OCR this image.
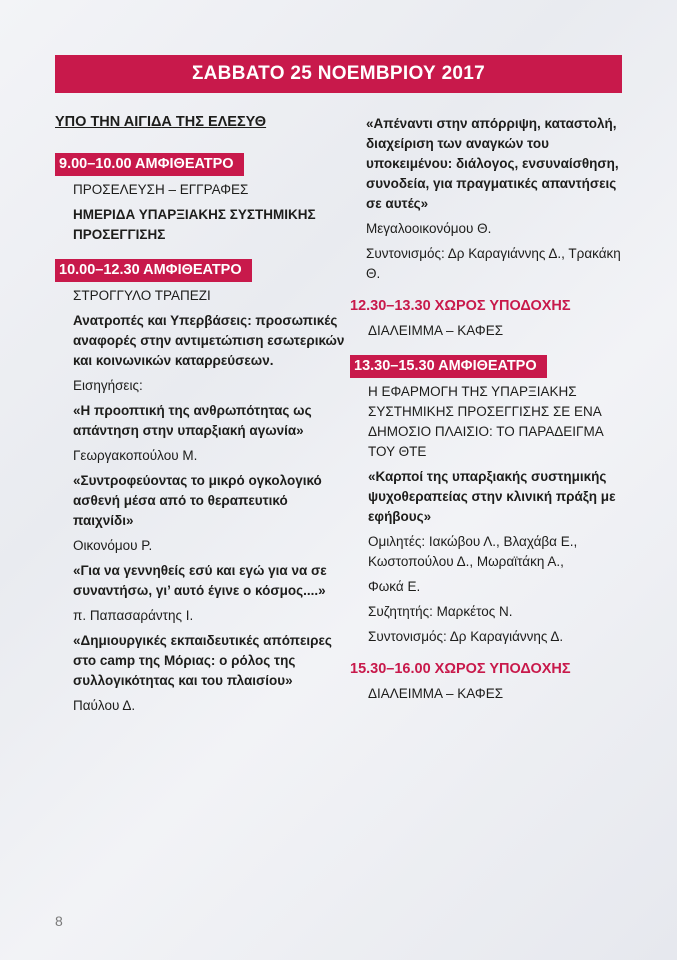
ΣΑΒΒΑΤΟ 25 ΝΟΕΜΒΡΙΟΥ 2017
ΥΠΟ ΤΗΝ ΑΙΓΙΔΑ ΤΗΣ ΕΛΕΣΥΘ
9.00–10.00 ΑΜΦΙΘΕΑΤΡΟ

ΠΡΟΣΕΛΕΥΣΗ – ΕΓΓΡΑΦΕΣ

ΗΜΕΡΙΔΑ ΥΠΑΡΞΙΑΚΗΣ ΣΥΣΤΗΜΙΚΗΣ ΠΡΟΣΕΓΓΙΣΗΣ

10.00–12.30 ΑΜΦΙΘΕΑΤΡΟ

ΣΤΡΟΓΓΥΛΟ ΤΡΑΠΕΖΙ

Ανατροπές και Υπερβάσεις: προσωπικές αναφορές στην αντιμετώπιση εσωτερικών και κοινωνικών καταρρεύσεων.

Εισηγήσεις:

«Η προοπτική της ανθρωπότητας ως απάντηση στην υπαρξιακή αγωνία»

Γεωργακοπούλου Μ.

«Συντροφεύοντας το μικρό ογκολογικό ασθενή μέσα από το θεραπευτικό παιχνίδι»

Οικονόμου Ρ.

«Για να γεννηθείς εσύ και εγώ για να σε συναντήσω, γι’ αυτό έγινε ο κόσμος....»

π. Παπασαράντης Ι.

«Δημιουργικές εκπαιδευτικές απόπειρες στο camp της Μόριας: ο ρόλος της συλλογικότητας και του πλαισίου»

Παύλου Δ.

«Απέναντι στην απόρριψη, καταστολή, διαχείριση των αναγκών του υποκειμένου: διάλογος, ενσυναίσθηση, συνοδεία, για πραγματικές απαντήσεις σε αυτές»

Μεγαλοοικονόμου Θ.

Συντονισμός: Δρ Καραγιάννης Δ., Τρακάκη Θ.

12.30–13.30 ΧΩΡΟΣ ΥΠΟΔΟΧΗΣ

ΔΙΑΛΕΙΜΜΑ – ΚΑΦΕΣ

13.30–15.30 ΑΜΦΙΘΕΑΤΡΟ

Η ΕΦΑΡΜΟΓΗ ΤΗΣ ΥΠΑΡΞΙΑΚΗΣ ΣΥΣΤΗΜΙΚΗΣ ΠΡΟΣΕΓΓΙΣΗΣ ΣΕ ΕΝΑ ΔΗΜΟΣΙΟ ΠΛΑΙΣΙΟ: ΤΟ ΠΑΡΑΔΕΙΓΜΑ ΤΟΥ ΘΤΕ

«Καρποί της υπαρξιακής συστημικής ψυχοθεραπείας στην κλινική πράξη με εφήβους»

Ομιλητές: Ιακώβου Λ., Βλαχάβα Ε., Κωστοπούλου Δ., Μωραϊτάκη Α.,

Φωκά Ε.

Συζητητής: Μαρκέτος Ν.

Συντονισμός: Δρ Καραγιάννης Δ.

15.30–16.00 ΧΩΡΟΣ ΥΠΟΔΟΧΗΣ

ΔΙΑΛΕΙΜΜΑ – ΚΑΦΕΣ

8
